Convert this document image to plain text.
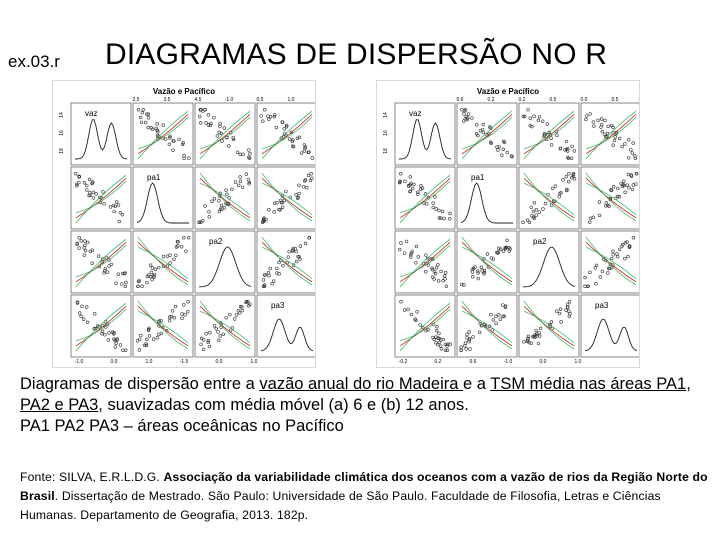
ex.03.r DIAGRAMAS DE DISPERSÃO NO R
Vazão e Pacífico
2.5	3.5	4.5	-1.0	0.5	1.0
-1.0	0.0	1.0	-1.5	0.0	1.0
14
16
18
vaz
pa1
pa2
pa3
Vazão e Pacífico
0.6	0.2	0.2	0.5	0.0	0.5
-0.2	0.2	0.6	-1.0	0.0	1.0
14
16
18
vaz
pa1
pa2
pa3
Diagramas de dispersão entre a vazão anual do rio Madeira e a TSM média nas áreas PA1, PA2 e PA3, suavizadas com média móvel (a) 6 e (b) 12 anos.
PA1 PA2 PA3 – áreas oceânicas no Pacífico
Fonte: SILVA, E.R.L.D.G. Associação da variabilidade climática dos oceanos com a vazão de rios da Região Norte do Brasil. Dissertação de Mestrado. São Paulo: Universidade de São Paulo. Faculdade de Filosofia, Letras e Ciências Humanas. Departamento de Geografia, 2013. 182p.
